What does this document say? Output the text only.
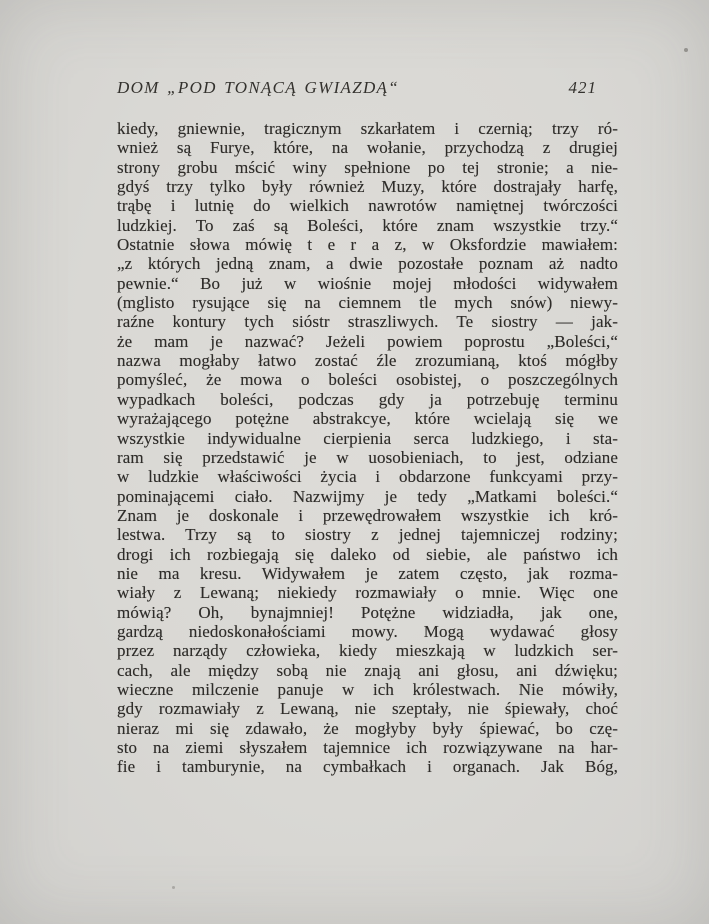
DOM „POD TONĄCĄ GWIAZDĄ“	421
kiedy, gniewnie, tragicznym szkarłatem i czernią; trzy ró-
wnież są Furye, które, na wołanie, przychodzą z drugiej
strony grobu mścić winy spełnione po tej stronie; a nie-
gdyś trzy tylko były również Muzy, które dostrajały harfę,
trąbę i lutnię do wielkich nawrotów namiętnej twórczości
ludzkiej. To zaś są Boleści, które znam wszystkie trzy.“
Ostatnie słowa mówię t e r a z, w Oksfordzie mawiałem:
„z których jedną znam, a dwie pozostałe poznam aż nadto
pewnie.“ Bo już w wiośnie mojej młodości widywałem
(mglisto rysujące się na ciemnem tle mych snów) niewy-
raźne kontury tych sióstr straszliwych. Te siostry — jak-
że mam je nazwać? Jeżeli powiem poprostu „Boleści,“
nazwa mogłaby łatwo zostać źle zrozumianą, ktoś mógłby
pomyśleć, że mowa o boleści osobistej, o poszczególnych
wypadkach boleści, podczas gdy ja potrzebuję terminu
wyrażającego potężne abstrakcye, które wcielają się we
wszystkie indywidualne cierpienia serca ludzkiego, i sta-
ram się przedstawić je w uosobieniach, to jest, odziane
w ludzkie właściwości życia i obdarzone funkcyami przy-
pominającemi ciało. Nazwijmy je tedy „Matkami boleści.“
Znam je doskonale i przewędrowałem wszystkie ich kró-
lestwa. Trzy są to siostry z jednej tajemniczej rodziny;
drogi ich rozbiegają się daleko od siebie, ale państwo ich
nie ma kresu. Widywałem je zatem często, jak rozma-
wiały z Lewaną; niekiedy rozmawiały o mnie. Więc one
mówią? Oh, bynajmniej! Potężne widziadła, jak one,
gardzą niedoskonałościami mowy. Mogą wydawać głosy
przez narządy człowieka, kiedy mieszkają w ludzkich ser-
cach, ale między sobą nie znają ani głosu, ani dźwięku;
wieczne milczenie panuje w ich królestwach. Nie mówiły,
gdy rozmawiały z Lewaną, nie szeptały, nie śpiewały, choć
nieraz mi się zdawało, że mogłyby były śpiewać, bo czę-
sto na ziemi słyszałem tajemnice ich rozwiązywane na har-
fie i tamburynie, na cymbałkach i organach. Jak Bóg,
